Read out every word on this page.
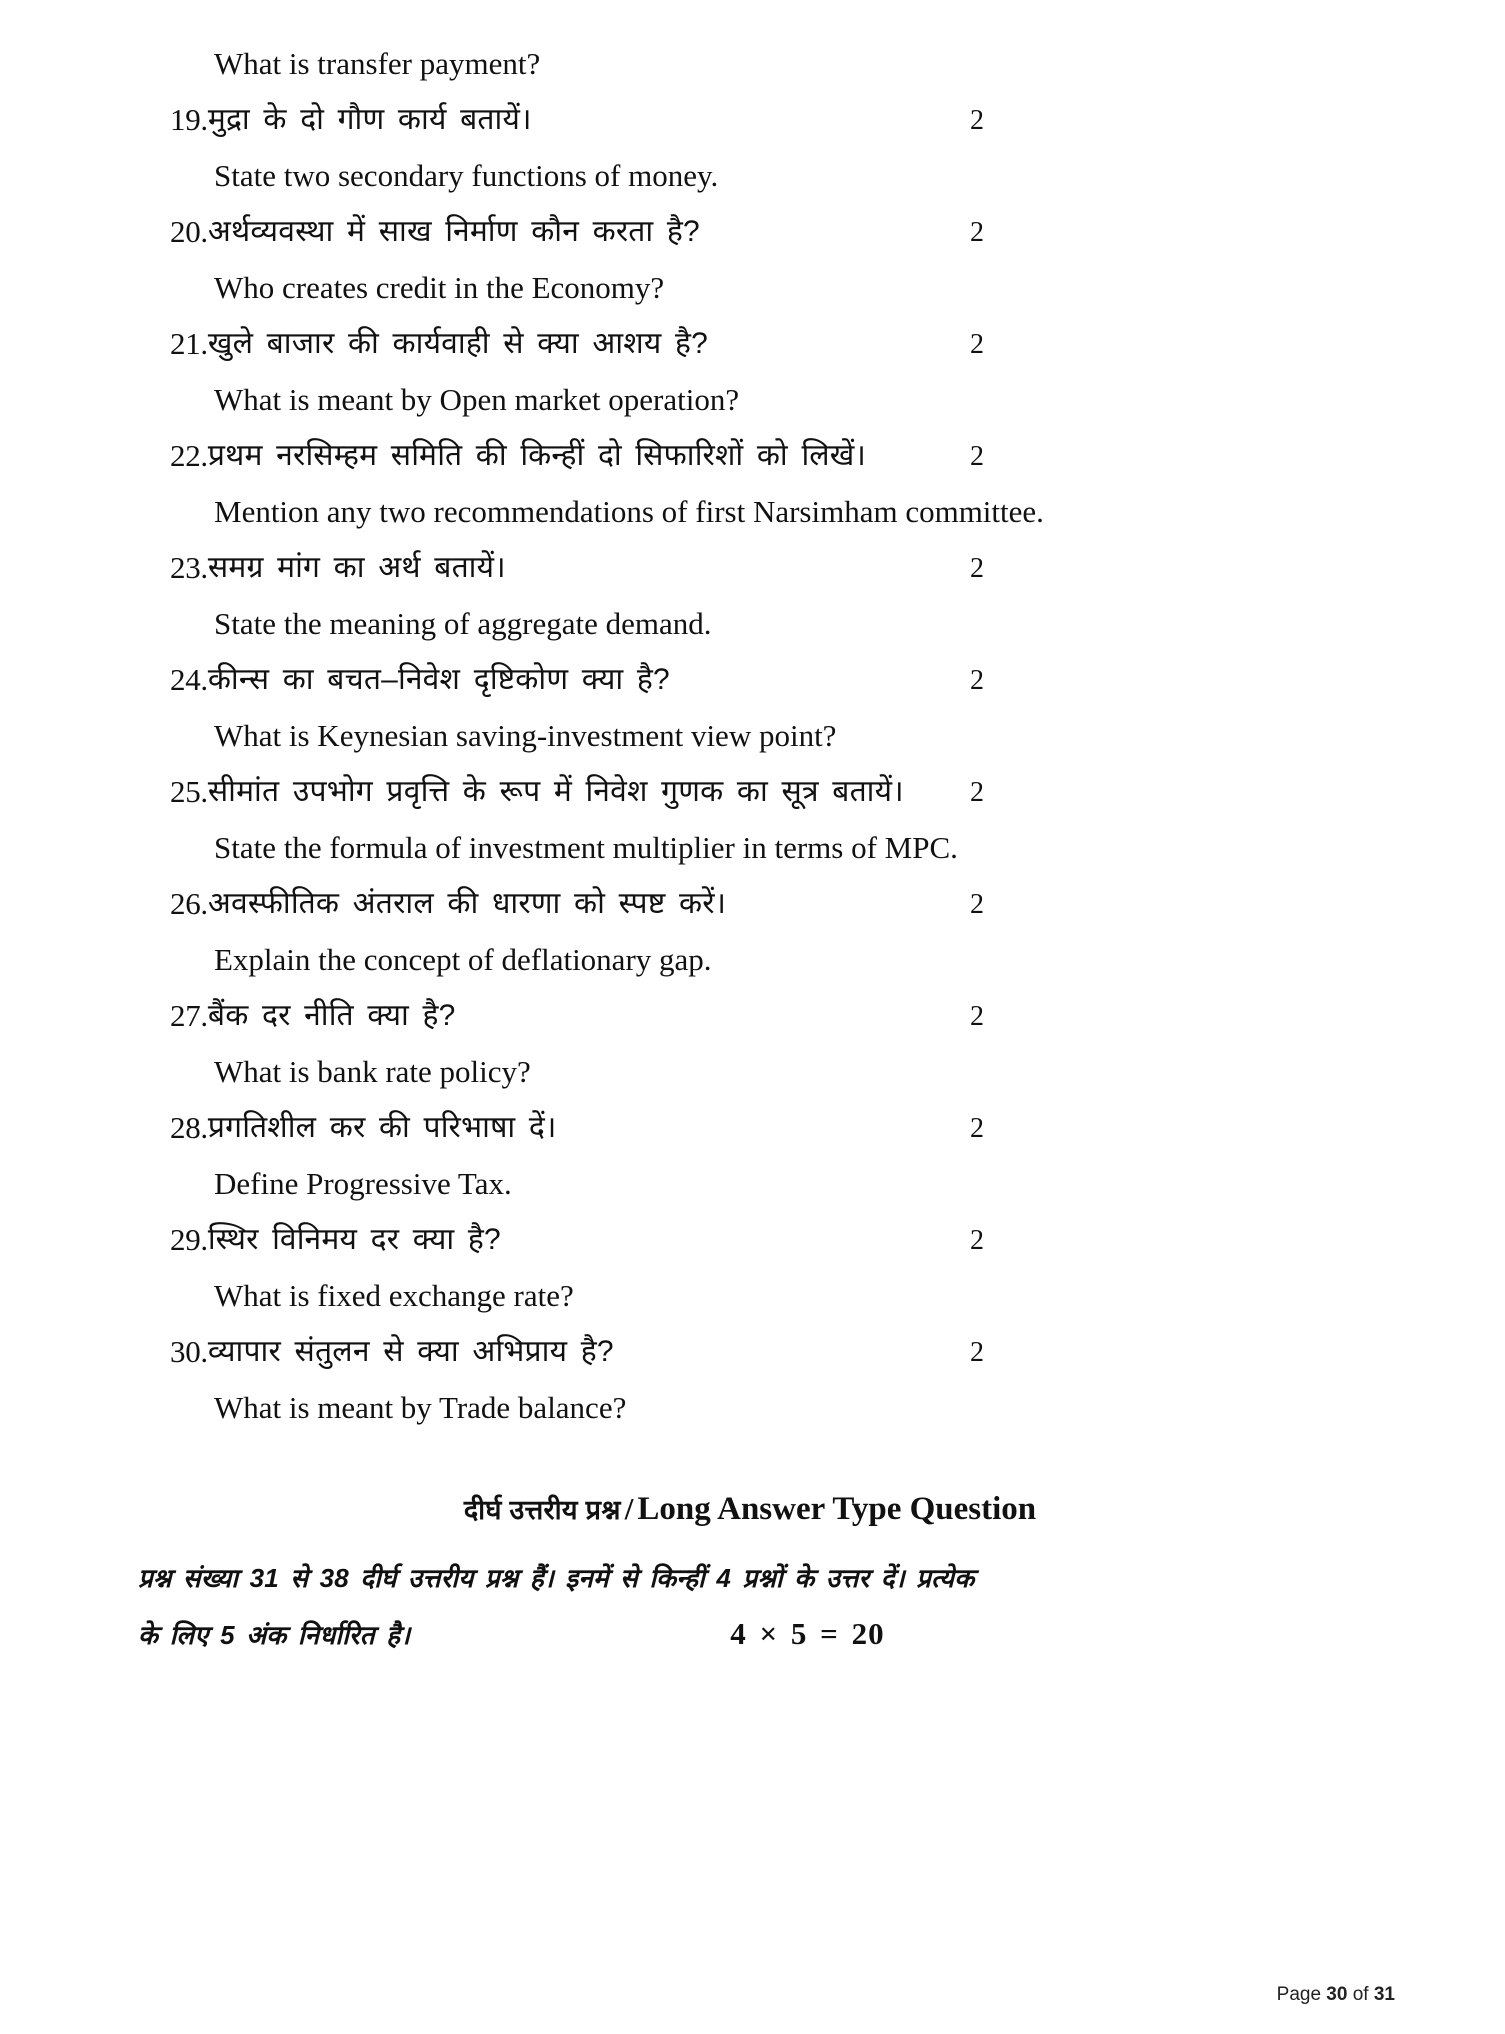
What is transfer payment?
19. मुद्रा के दो गौण कार्य बतायें।	2
State two secondary functions of money.
20. अर्थव्यवस्था में साख निर्माण कौन करता है?	2
Who creates credit in the Economy?
21. खुले बाजार की कार्यवाही से क्या आशय है?	2
What is meant by Open market operation?
22. प्रथम नरसिम्हम समिति की किन्हीं दो सिफारिशों को लिखें।	2
Mention any two recommendations of first Narsimham committee.
23. समग्र मांग का अर्थ बतायें।	2
State the meaning of aggregate demand.
24. कीन्स का बचत–निवेश दृष्टिकोण क्या है?	2
What is Keynesian saving-investment view point?
25. सीमांत उपभोग प्रवृत्ति के रूप में निवेश गुणक का सूत्र बतायें।	2
State the formula of investment multiplier in terms of MPC.
26. अवस्फीतिक अंतराल की धारणा को स्पष्ट करें।	2
Explain the concept of deflationary gap.
27. बैंक दर नीति क्या है?	2
What is bank rate policy?
28. प्रगतिशील कर की परिभाषा दें।	2
Define Progressive Tax.
29. स्थिर विनिमय दर क्या है?	2
What is fixed exchange rate?
30. व्यापार संतुलन से क्या अभिप्राय है?	2
What is meant by Trade balance?
दीर्घ उत्तरीय प्रश्न / Long Answer Type Question
प्रश्न संख्या 31 से 38 दीर्घ उत्तरीय प्रश्न हैं। इनमें से किन्हीं 4 प्रश्नों के उत्तर दें। प्रत्येक
के लिए 5 अंक निर्धारित है।	4 × 5 = 20
Page 30 of 31
